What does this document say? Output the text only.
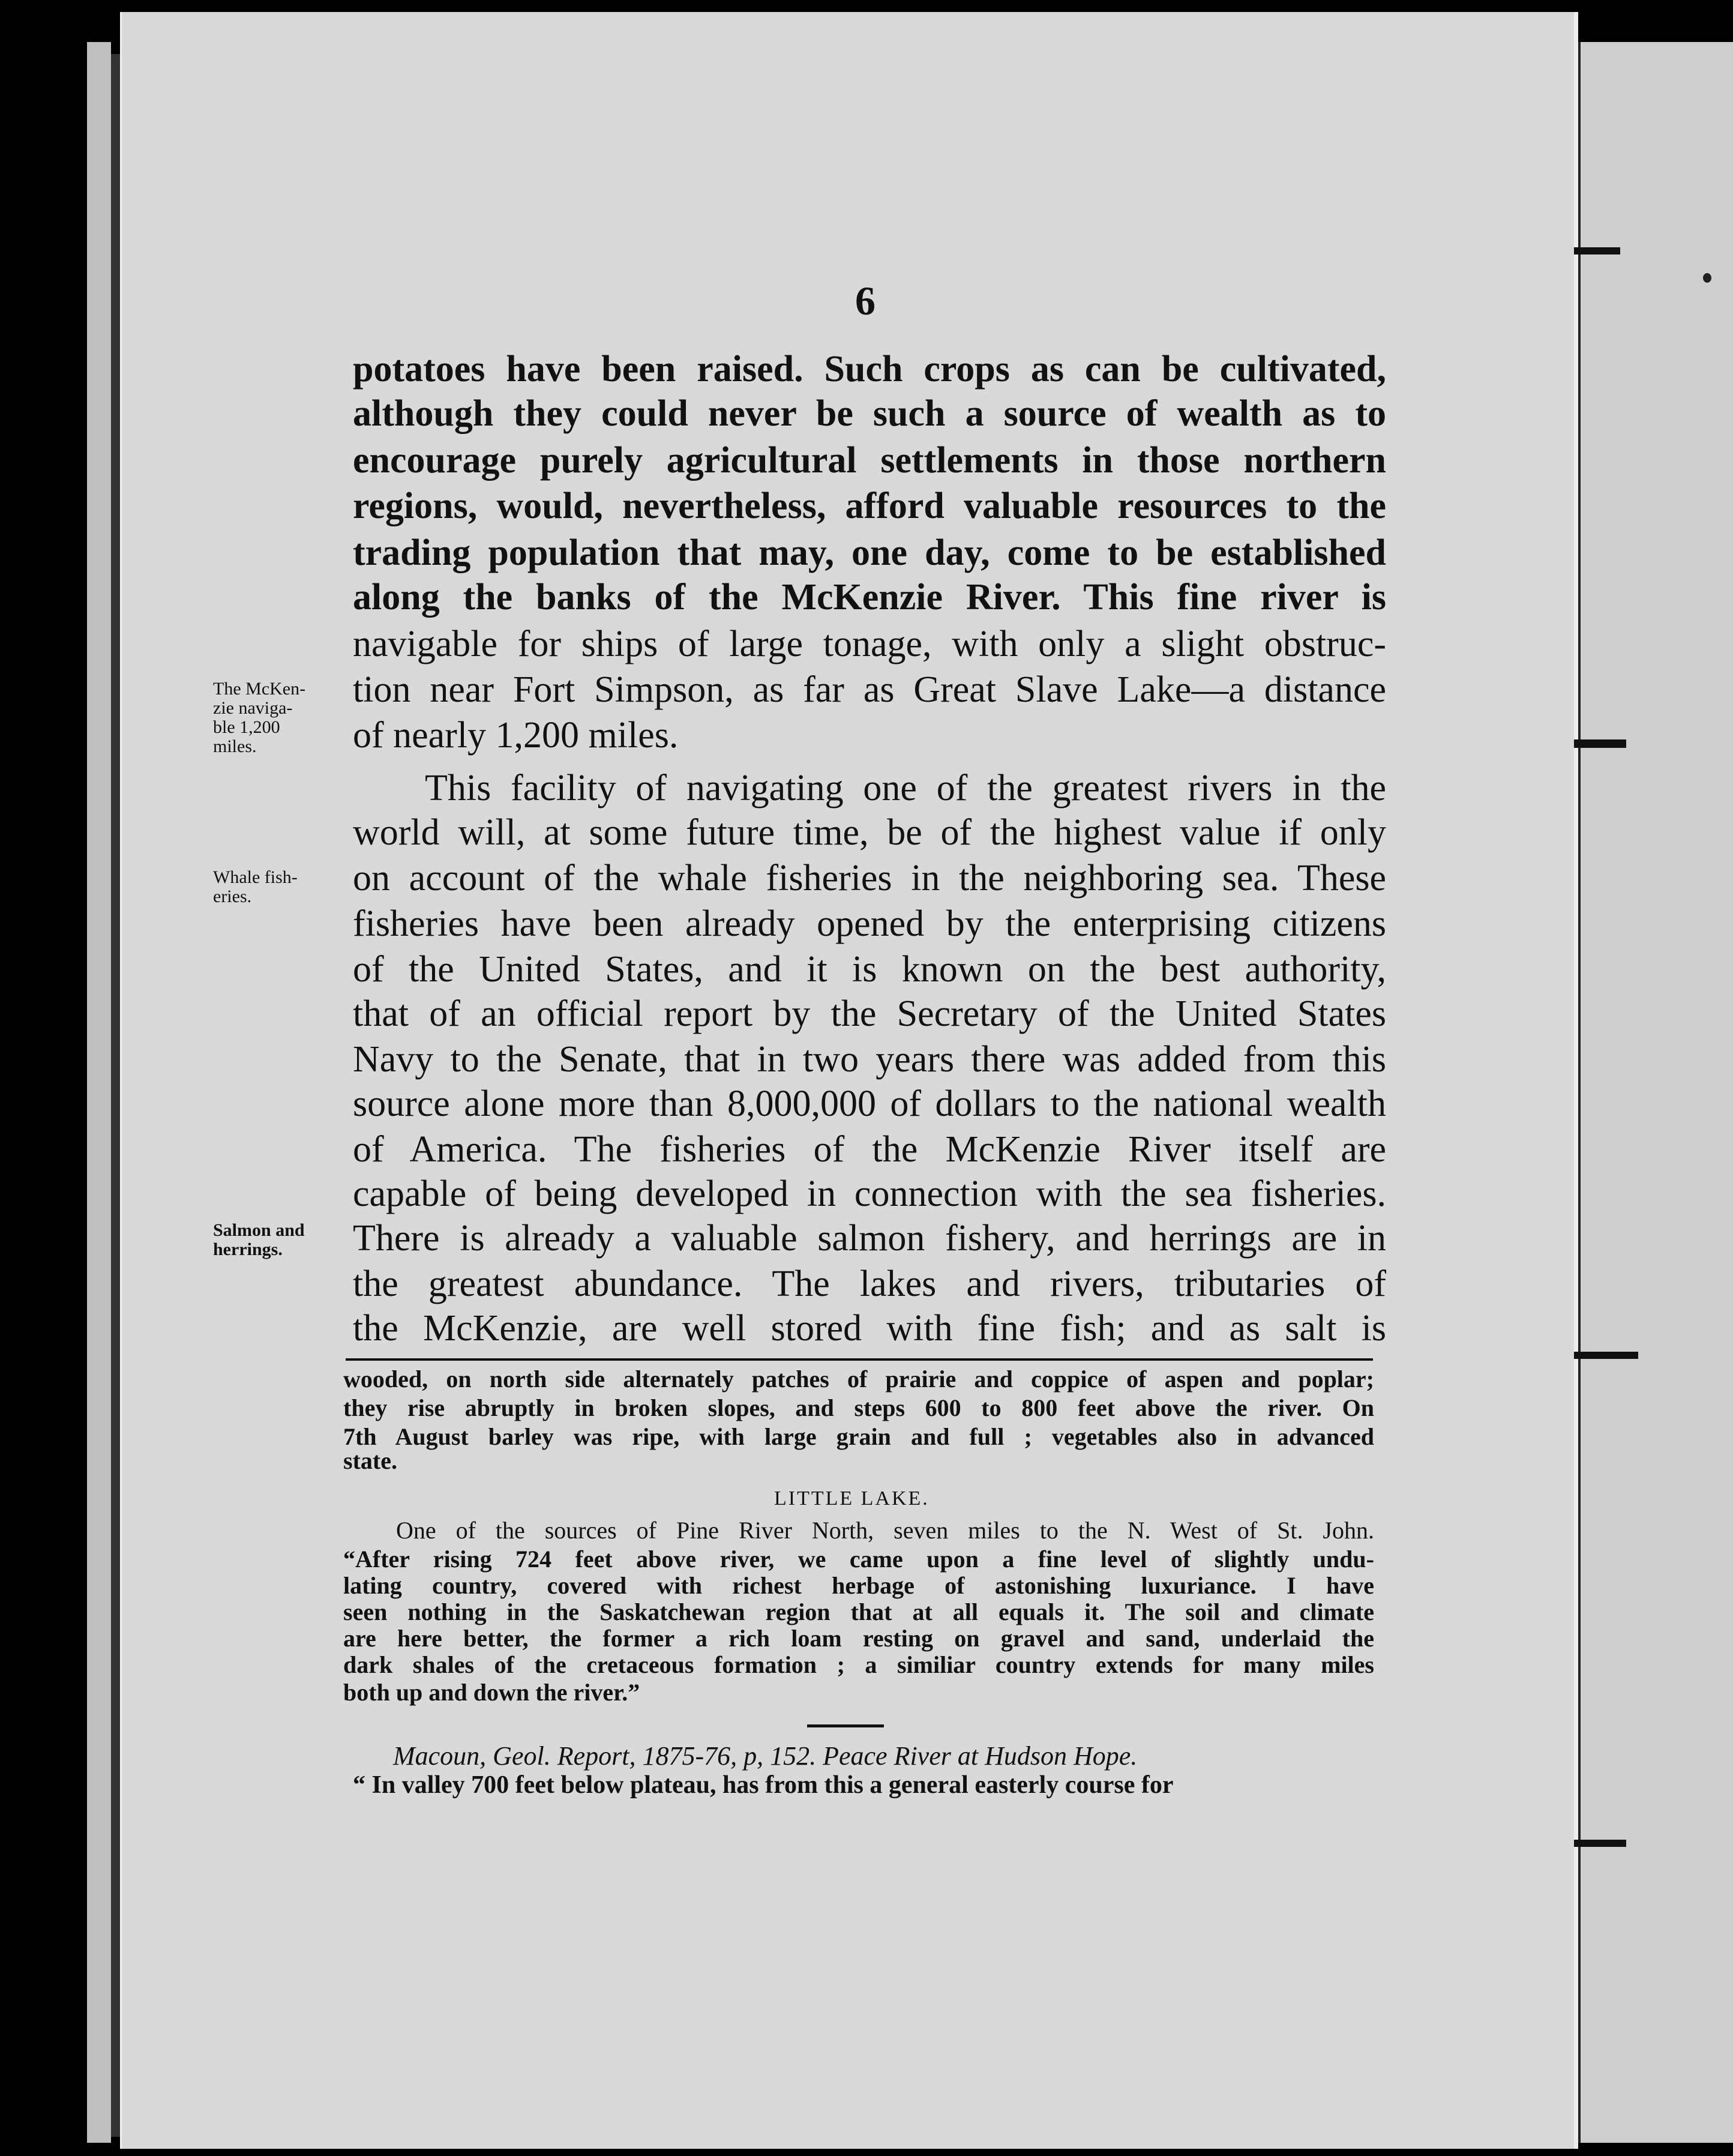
6
potatoes have been raised. Such crops as can be cultivated,
although they could never be such a source of wealth as to
encourage purely agricultural settlements in those northern
regions, would, nevertheless, afford valuable resources to the
trading population that may, one day, come to be established
along the banks of the McKenzie River. This fine river is
navigable for ships of large tonage, with only a slight obstruc-
tion near Fort Simpson, as far as Great Slave Lake—a distance
of nearly 1,200 miles.
This facility of navigating one of the greatest rivers in the
world will, at some future time, be of the highest value if only
on account of the whale fisheries in the neighboring sea. These
fisheries have been already opened by the enterprising citizens
of the United States, and it is known on the best authority,
that of an official report by the Secretary of the United States
Navy to the Senate, that in two years there was added from this
source alone more than 8,000,000 of dollars to the national wealth
of America. The fisheries of the McKenzie River itself are
capable of being developed in connection with the sea fisheries.
There is already a valuable salmon fishery, and herrings are in
the greatest abundance. The lakes and rivers, tributaries of
the McKenzie, are well stored with fine fish; and as salt is
The McKen-
zie naviga-
ble 1,200
miles.
Whale fish-
eries.
Salmon and
herrings.
wooded, on north side alternately patches of prairie and coppice of aspen and poplar;
they rise abruptly in broken slopes, and steps 600 to 800 feet above the river. On
7th August barley was ripe, with large grain and full ; vegetables also in advanced
state.
LITTLE LAKE.
One of the sources of Pine River North, seven miles to the N. West of St. John.
“After rising 724 feet above river, we came upon a fine level of slightly undu-
lating country, covered with richest herbage of astonishing luxuriance. I have
seen nothing in the Saskatchewan region that at all equals it. The soil and climate
are here better, the former a rich loam resting on gravel and sand, underlaid the
dark shales of the cretaceous formation ; a similiar country extends for many miles
both up and down the river.”
Macoun, Geol. Report, 1875-76, p, 152. Peace River at Hudson Hope.
“ In valley 700 feet below plateau, has from this a general easterly course for
